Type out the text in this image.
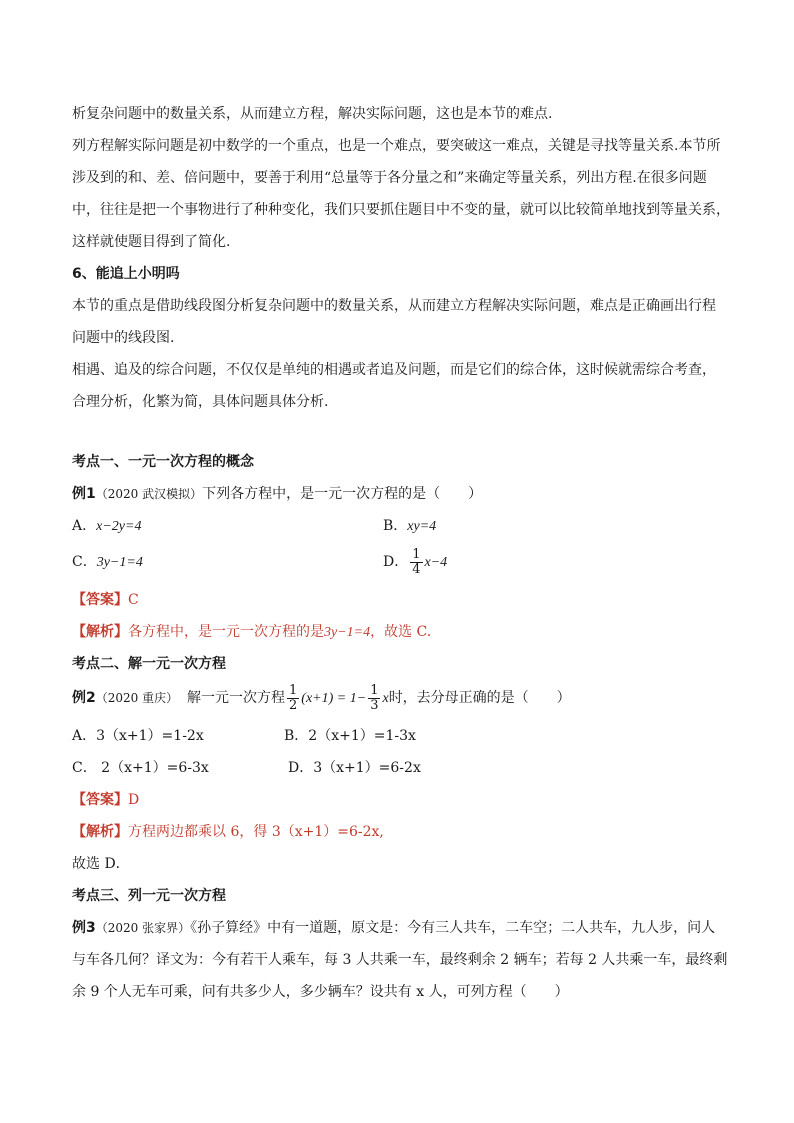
析复杂问题中的数量关系，从而建立方程，解决实际问题，这也是本节的难点.
列方程解实际问题是初中数学的一个重点，也是一个难点，要突破这一难点，关键是寻找等量关系.本节所
涉及到的和、差、倍问题中，要善于利用“总量等于各分量之和”来确定等量关系，列出方程.在很多问题
中，往往是把一个事物进行了种种变化，我们只要抓住题目中不变的量，就可以比较简单地找到等量关系，
这样就使题目得到了简化.
6、能追上小明吗
本节的重点是借助线段图分析复杂问题中的数量关系，从而建立方程解决实际问题，难点是正确画出行程
问题中的线段图.
相遇、追及的综合问题，不仅仅是单纯的相遇或者追及问题，而是它们的综合体，这时候就需综合考查，
合理分析，化繁为简，具体问题具体分析.
考点一、一元一次方程的概念
例1（2020 武汉模拟）下列各方程中，是一元一次方程的是（　　）
A．x−2y=4	B．xy=4
C．3y−1=4	D． $\frac{1}{4} x-4$
【答案】C
【解析】各方程中，是一元一次方程的是3y−1=4，故选 C.
考点二、解一元一次方程
例2（2020 重庆） 解一元一次方程 $\frac{1}{2} (x+1) = 1- \frac{1}{3}$ x时，去分母正确的是（　　）
A．3（x+1）=1-2x	B．2（x+1）=1-3x
C． 2（x+1）=6-3x	D．3（x+1）=6-2x
【答案】D
【解析】方程两边都乘以 6，得 3（x+1）=6-2x,
故选 D．
考点三、列一元一次方程
例3（2020 张家界）《孙子算经》中有一道题，原文是：今有三人共车，二车空；二人共车，九人步，问人
与车各几何？译文为：今有若干人乘车，每 3 人共乘一车，最终剩余 2 辆车；若每 2 人共乘一车，最终剩
余 9 个人无车可乘，问有共多少人，多少辆车？设共有 x 人，可列方程（　　）
